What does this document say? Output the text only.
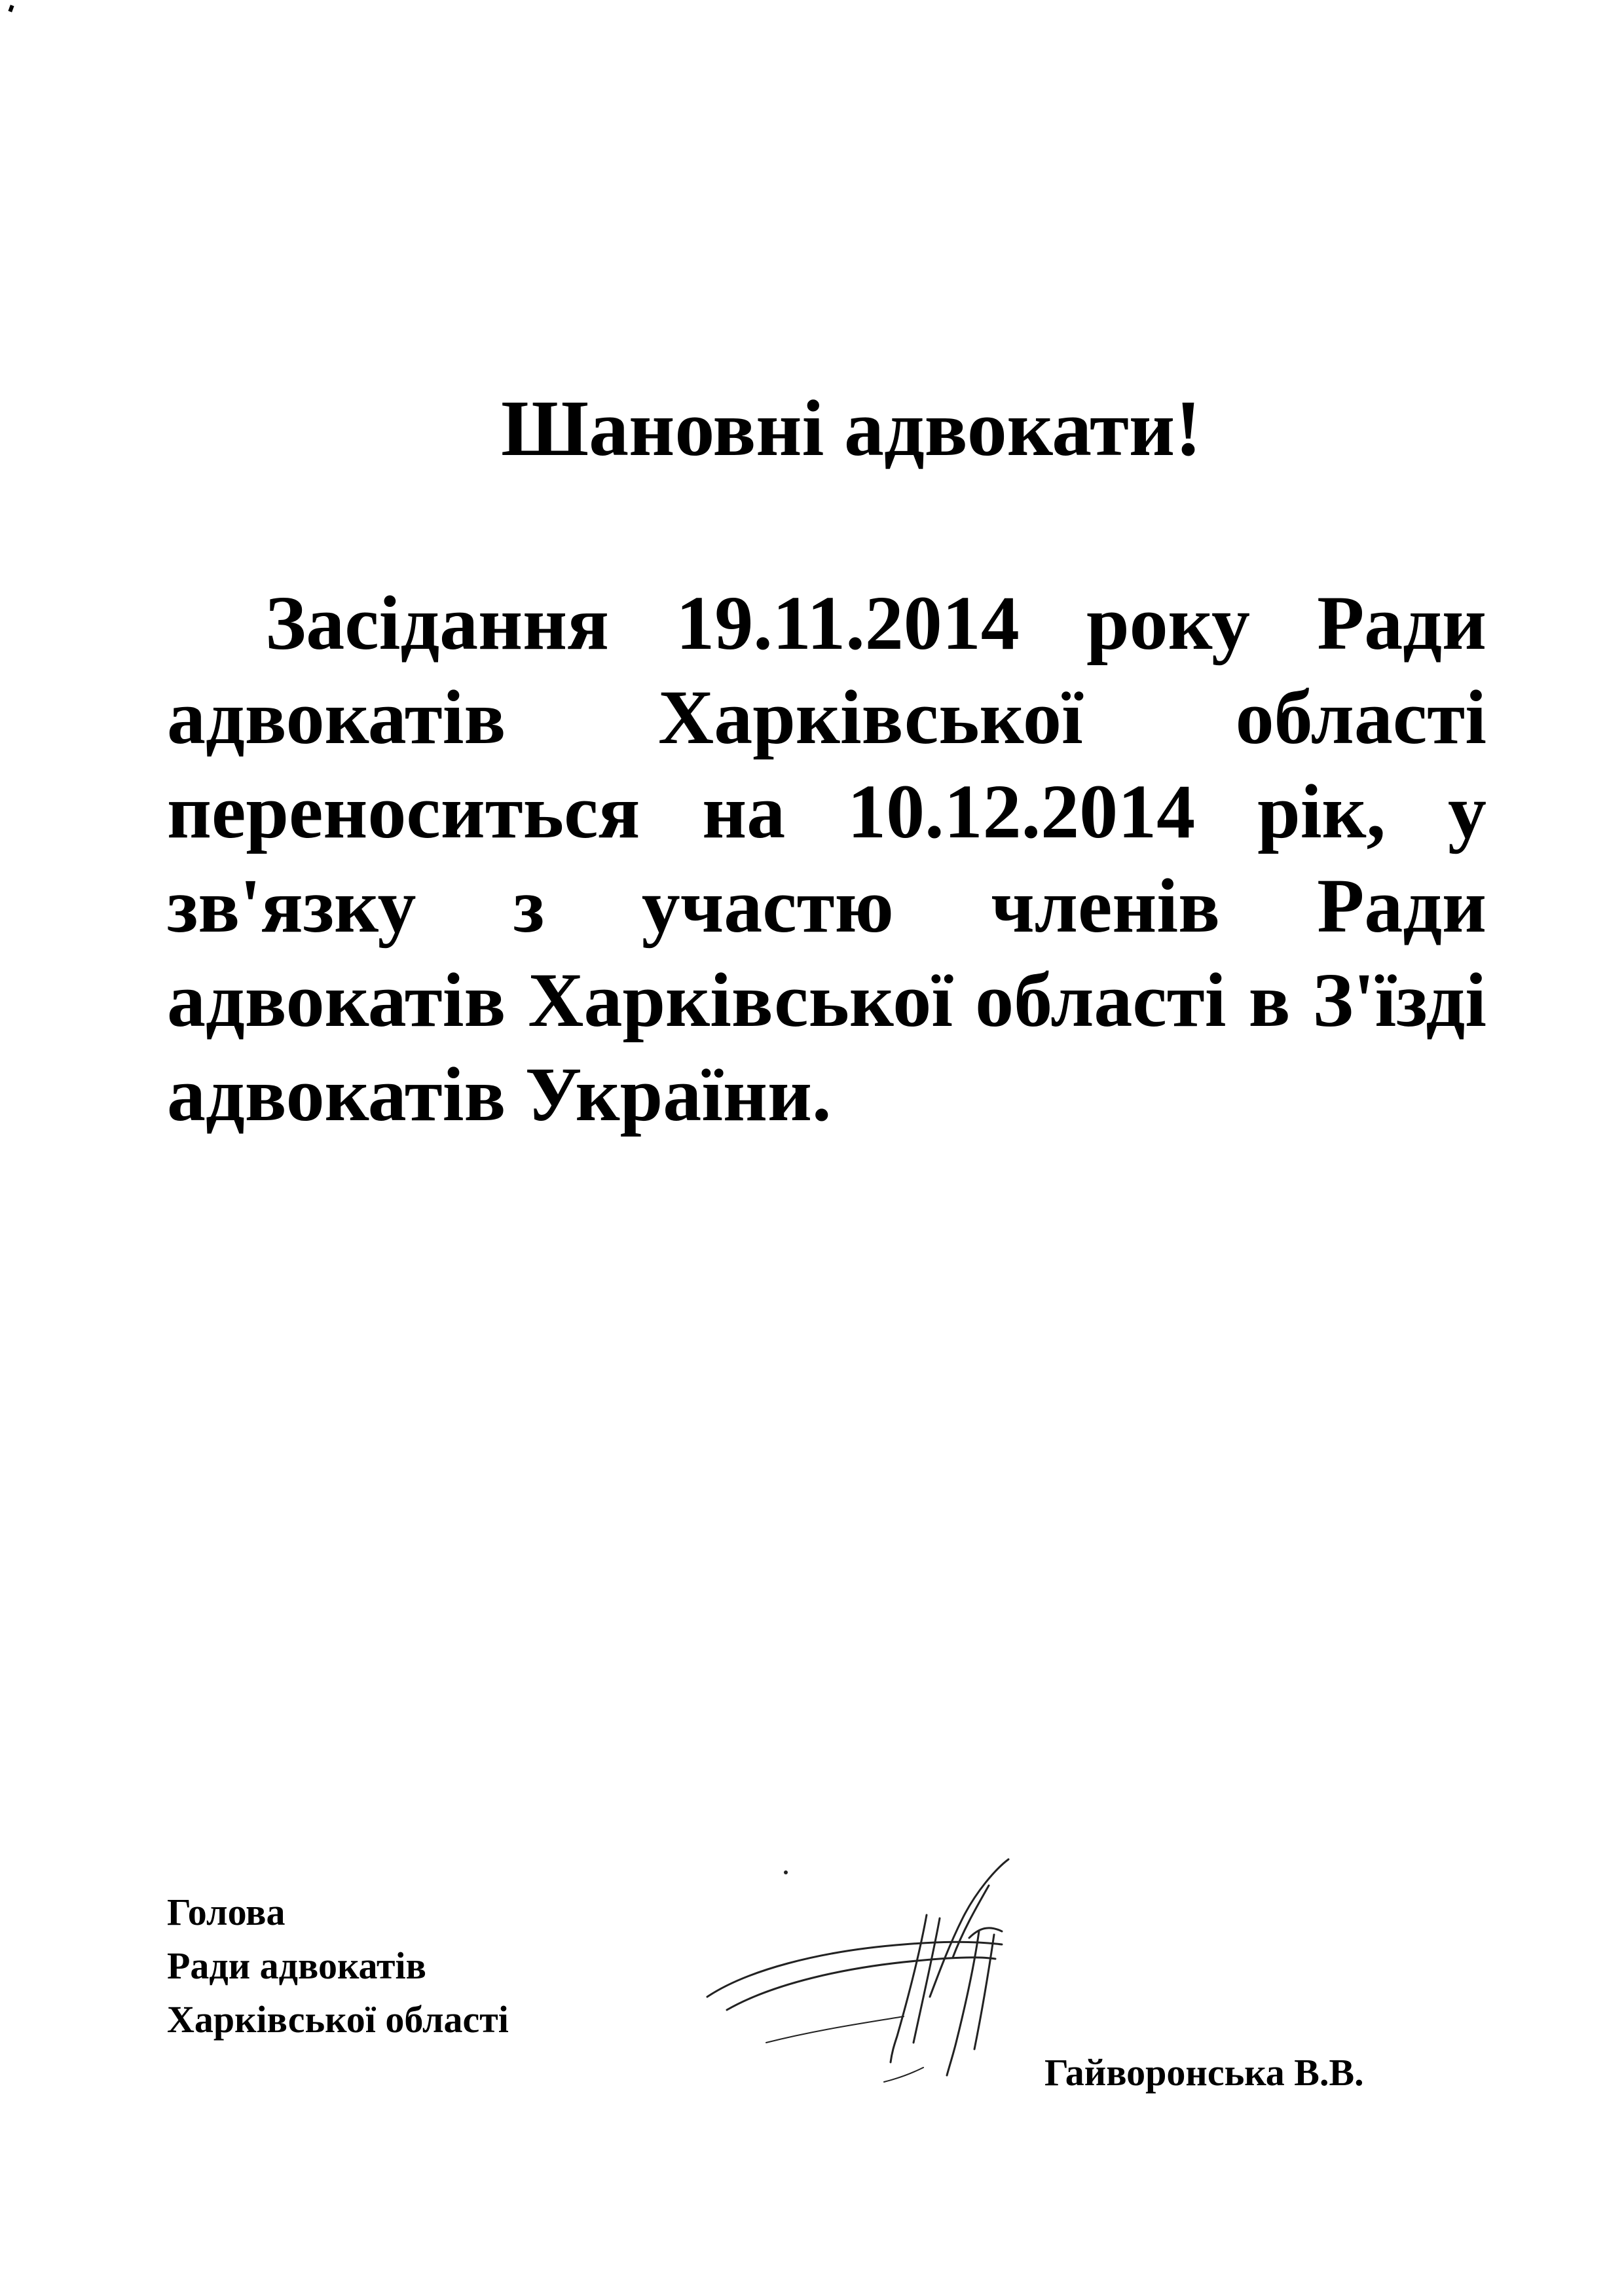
Шановні адвокати!

Засідання 19.11.2014 року Ради адвокатів Харківської області переноситься на 10.12.2014 рік, у зв'язку з участю членів Ради адвокатів Харківської області в З'їзді адвокатів України.

Голова
Ради адвокатів
Харківської області
Гайворонська В.В.
